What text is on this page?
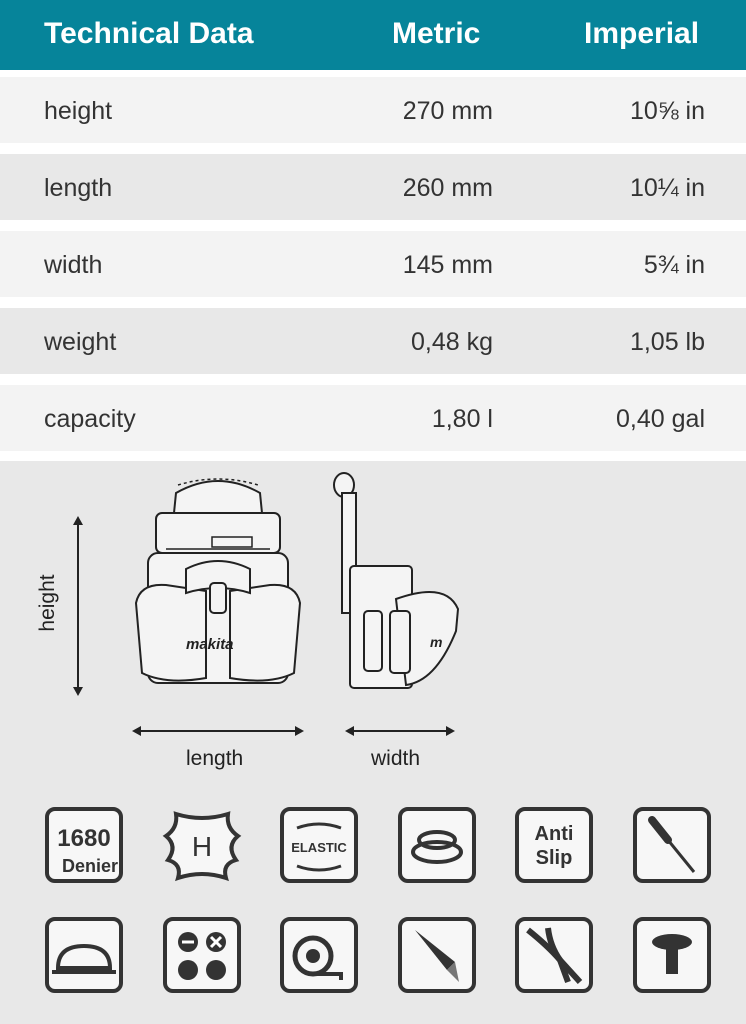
Technical Data	Metric	Imperial
height	270 mm	10⅝ in
length	260 mm	10¼ in
width	145 mm	5¾ in
weight	0,48 kg	1,05 lb
capacity	1,80 l	0,40 gal
height
length	width
makita	m
1680
Denier
H	ELASTIC
Anti
Slip
